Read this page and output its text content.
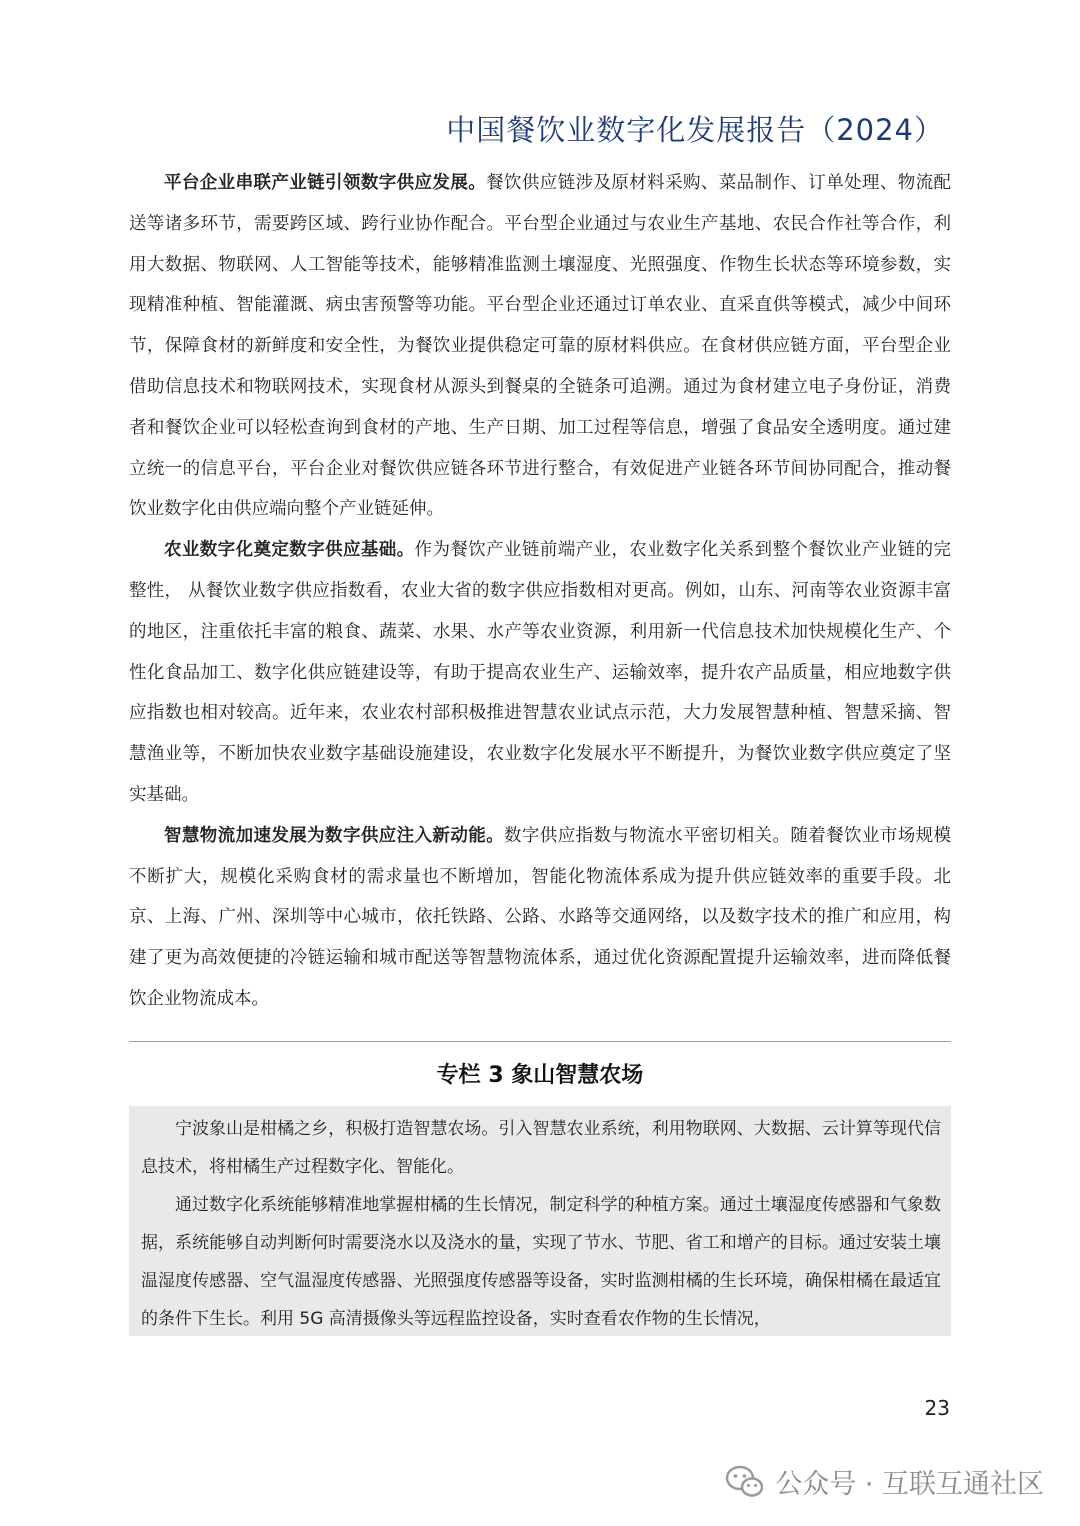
中国餐饮业数字化发展报告（2024）

平台企业串联产业链引领数字供应发展。餐饮供应链涉及原材料采购、菜品制作、订单处理、物流配送等诸多环节，需要跨区域、跨行业协作配合。平台型企业通过与农业生产基地、农民合作社等合作，利用大数据、物联网、人工智能等技术，能够精准监测土壤湿度、光照强度、作物生长状态等环境参数，实现精准种植、智能灌溉、病虫害预警等功能。平台型企业还通过订单农业、直采直供等模式，减少中间环节，保障食材的新鲜度和安全性，为餐饮业提供稳定可靠的原材料供应。在食材供应链方面，平台型企业借助信息技术和物联网技术，实现食材从源头到餐桌的全链条可追溯。通过为食材建立电子身份证，消费者和餐饮企业可以轻松查询到食材的产地、生产日期、加工过程等信息，增强了食品安全透明度。通过建立统一的信息平台，平台企业对餐饮供应链各环节进行整合，有效促进产业链各环节间协同配合，推动餐饮业数字化由供应端向整个产业链延伸。

农业数字化奠定数字供应基础。作为餐饮产业链前端产业，农业数字化关系到整个餐饮业产业链的完整性， 从餐饮业数字供应指数看，农业大省的数字供应指数相对更高。例如，山东、河南等农业资源丰富的地区，注重依托丰富的粮食、蔬菜、水果、水产等农业资源，利用新一代信息技术加快规模化生产、个性化食品加工、数字化供应链建设等，有助于提高农业生产、运输效率，提升农产品质量，相应地数字供应指数也相对较高。近年来，农业农村部积极推进智慧农业试点示范，大力发展智慧种植、智慧采摘、智慧渔业等，不断加快农业数字基础设施建设，农业数字化发展水平不断提升，为餐饮业数字供应奠定了坚实基础。

智慧物流加速发展为数字供应注入新动能。数字供应指数与物流水平密切相关。随着餐饮业市场规模不断扩大，规模化采购食材的需求量也不断增加，智能化物流体系成为提升供应链效率的重要手段。北京、上海、广州、深圳等中心城市，依托铁路、公路、水路等交通网络，以及数字技术的推广和应用，构建了更为高效便捷的冷链运输和城市配送等智慧物流体系，通过优化资源配置提升运输效率，进而降低餐饮企业物流成本。

专栏 3 象山智慧农场

宁波象山是柑橘之乡，积极打造智慧农场。引入智慧农业系统，利用物联网、大数据、云计算等现代信息技术，将柑橘生产过程数字化、智能化。

通过数字化系统能够精准地掌握柑橘的生长情况，制定科学的种植方案。通过土壤湿度传感器和气象数据，系统能够自动判断何时需要浇水以及浇水的量，实现了节水、节肥、省工和增产的目标。通过安装土壤温湿度传感器、空气温湿度传感器、光照强度传感器等设备，实时监测柑橘的生长环境，确保柑橘在最适宜的条件下生长。利用 5G 高清摄像头等远程监控设备，实时查看农作物的生长情况，

23
公众号 · 互联互通社区
